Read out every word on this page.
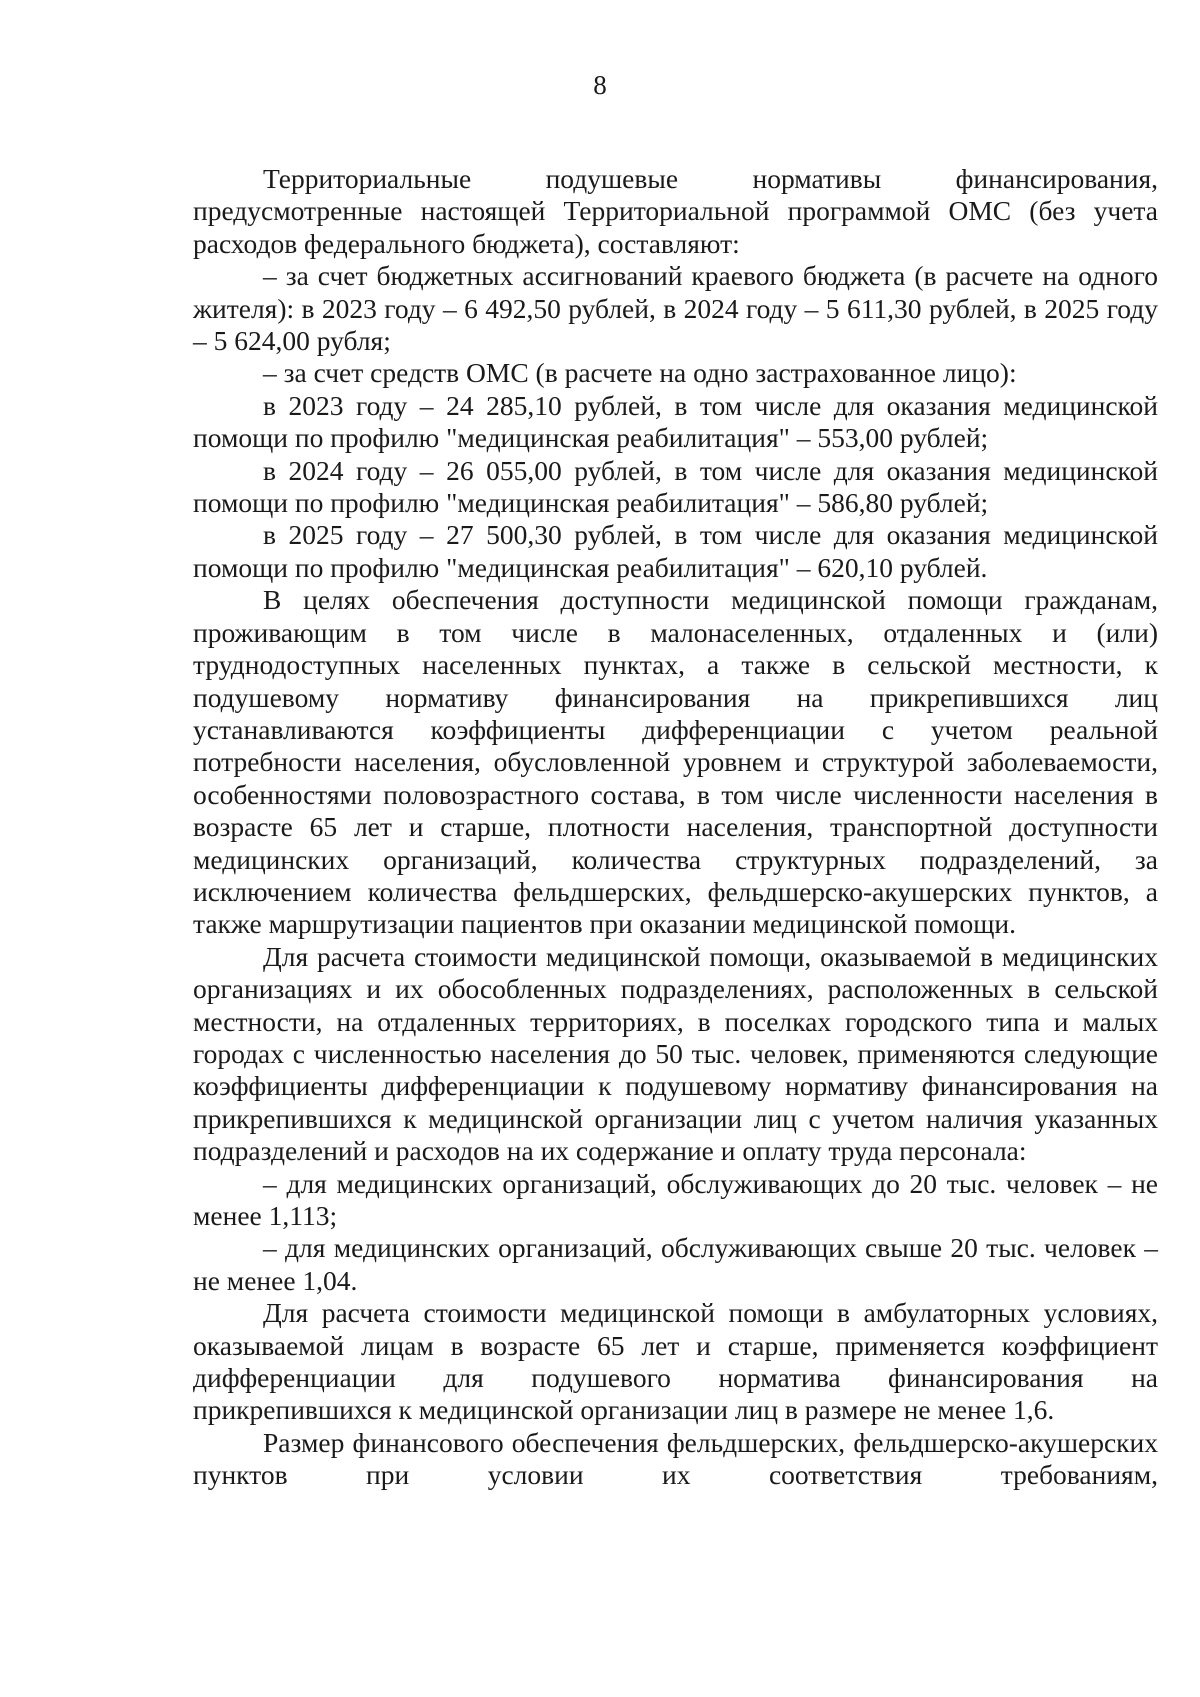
8

Территориальные подушевые нормативы финансирования, предусмотренные настоящей Территориальной программой ОМС (без учета расходов федерального бюджета), составляют:

– за счет бюджетных ассигнований краевого бюджета (в расчете на одного жителя): в 2023 году – 6 492,50 рублей, в 2024 году – 5 611,30 рублей, в 2025 году – 5 624,00 рубля;

– за счет средств ОМС (в расчете на одно застрахованное лицо):

в 2023 году – 24 285,10 рублей, в том числе для оказания медицинской помощи по профилю "медицинская реабилитация" – 553,00 рублей;

в 2024 году – 26 055,00 рублей, в том числе для оказания медицинской помощи по профилю "медицинская реабилитация" – 586,80 рублей;

в 2025 году – 27 500,30 рублей, в том числе для оказания медицинской помощи по профилю "медицинская реабилитация" – 620,10 рублей.

В целях обеспечения доступности медицинской помощи гражданам, проживающим в том числе в малонаселенных, отдаленных и (или) труднодоступных населенных пунктах, а также в сельской местности, к подушевому нормативу финансирования на прикрепившихся лиц устанавливаются коэффициенты дифференциации с учетом реальной потребности населения, обусловленной уровнем и структурой заболеваемости, особенностями половозрастного состава, в том числе численности населения в возрасте 65 лет и старше, плотности населения, транспортной доступности медицинских организаций, количества структурных подразделений, за исключением количества фельдшерских, фельдшерско-акушерских пунктов, а также маршрутизации пациентов при оказании медицинской помощи.

Для расчета стоимости медицинской помощи, оказываемой в медицинских организациях и их обособленных подразделениях, расположенных в сельской местности, на отдаленных территориях, в поселках городского типа и малых городах с численностью населения до 50 тыс. человек, применяются следующие коэффициенты дифференциации к подушевому нормативу финансирования на прикрепившихся к медицинской организации лиц с учетом наличия указанных подразделений и расходов на их содержание и оплату труда персонала:

– для медицинских организаций, обслуживающих до 20 тыс. человек – не менее 1,113;

– для медицинских организаций, обслуживающих свыше 20 тыс. человек – не менее 1,04.

Для расчета стоимости медицинской помощи в амбулаторных условиях, оказываемой лицам в возрасте 65 лет и старше, применяется коэффициент дифференциации для подушевого норматива финансирования на прикрепившихся к медицинской организации лиц в размере не менее 1,6.

Размер финансового обеспечения фельдшерских, фельдшерско-акушерских пунктов при условии их соответствия требованиям,
